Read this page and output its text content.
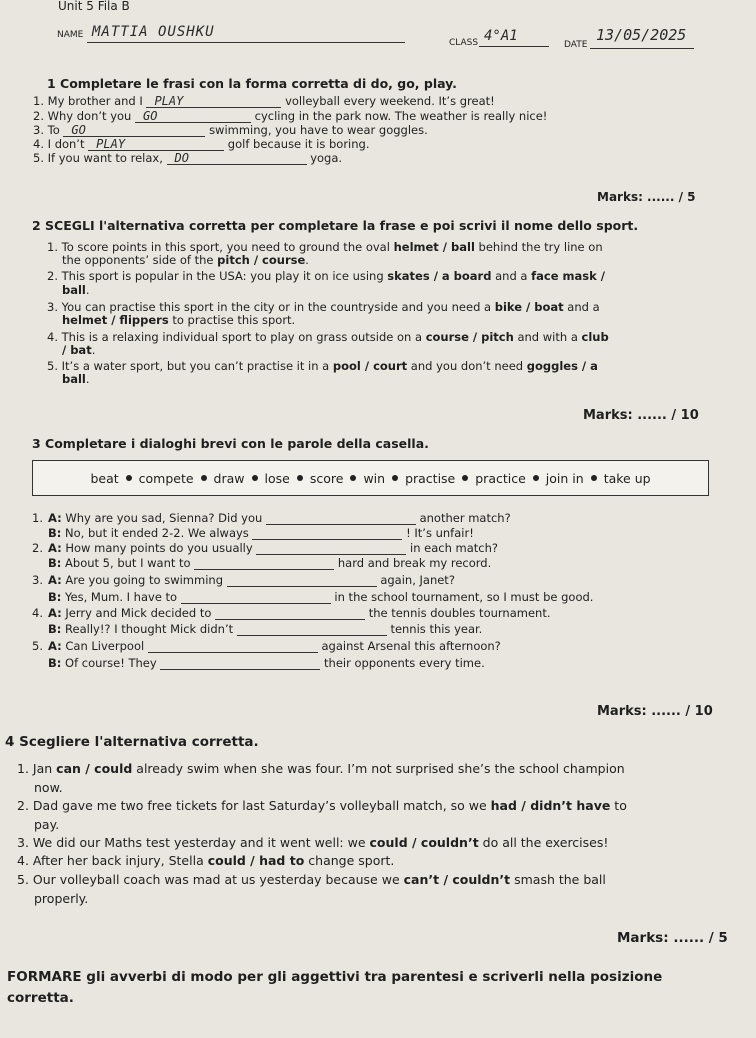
Unit 5 Fila B
NAME MATTIA OUSHKU
CLASS 4°A1
DATE
13/05/2025
1 Completare le frasi con la forma corretta di do, go, play.
1. My brother and I PLAY	volleyball every weekend. It’s great!
2. Why don’t you GO	cycling in the park now. The weather is really nice!
3. To GO	swimming, you have to wear goggles.
4. I don’t PLAY	golf because it is boring.
5. If you want to relax, DO	yoga.
Marks: ...... / 5
2 SCEGLI l'alternativa corretta per completare la frase e poi scrivi il nome dello sport.
1. To score points in this sport, you need to ground the oval helmet / ball behind the try line on
the opponents’ side of the pitch / course.
2. This sport is popular in the USA: you play it on ice using skates / a board and a face mask /
ball.
3. You can practise this sport in the city or in the countryside and you need a bike / boat and a
helmet / flippers to practise this sport.
4. This is a relaxing individual sport to play on grass outside on a course / pitch and with a club
/ bat.
5. It’s a water sport, but you can’t practise it in a pool / court and you don’t need goggles / a
ball.
Marks: ...... / 10
3 Completare i dialoghi brevi con le parole della casella.
beat compete draw lose score win practise practice join in take up
1. A: Why are you sad, Sienna? Did you	another match?
B: No, but it ended 2-2. We always	! It’s unfair!
2. A: How many points do you usually	in each match?
B: About 5, but I want to	hard and break my record.
3. A: Are you going to swimming	again, Janet?
B: Yes, Mum. I have to	in the school tournament, so I must be good.
4. A: Jerry and Mick decided to	the tennis doubles tournament.
B: Really!? I thought Mick didn’t	tennis this year.
5. A: Can Liverpool	against Arsenal this afternoon?
B: Of course! They	their opponents every time.
Marks: ...... / 10
4 Scegliere l'alternativa corretta.
1. Jan can / could already swim when she was four. I’m not surprised she’s the school champion
now.
2. Dad gave me two free tickets for last Saturday’s volleyball match, so we had / didn’t have to
pay.
3. We did our Maths test yesterday and it went well: we could / couldn’t do all the exercises!
4. After her back injury, Stella could / had to change sport.
5. Our volleyball coach was mad at us yesterday because we can’t / couldn’t smash the ball
properly.
Marks: ...... / 5
FORMARE gli avverbi di modo per gli aggettivi tra parentesi e scriverli nella posizione
corretta.
